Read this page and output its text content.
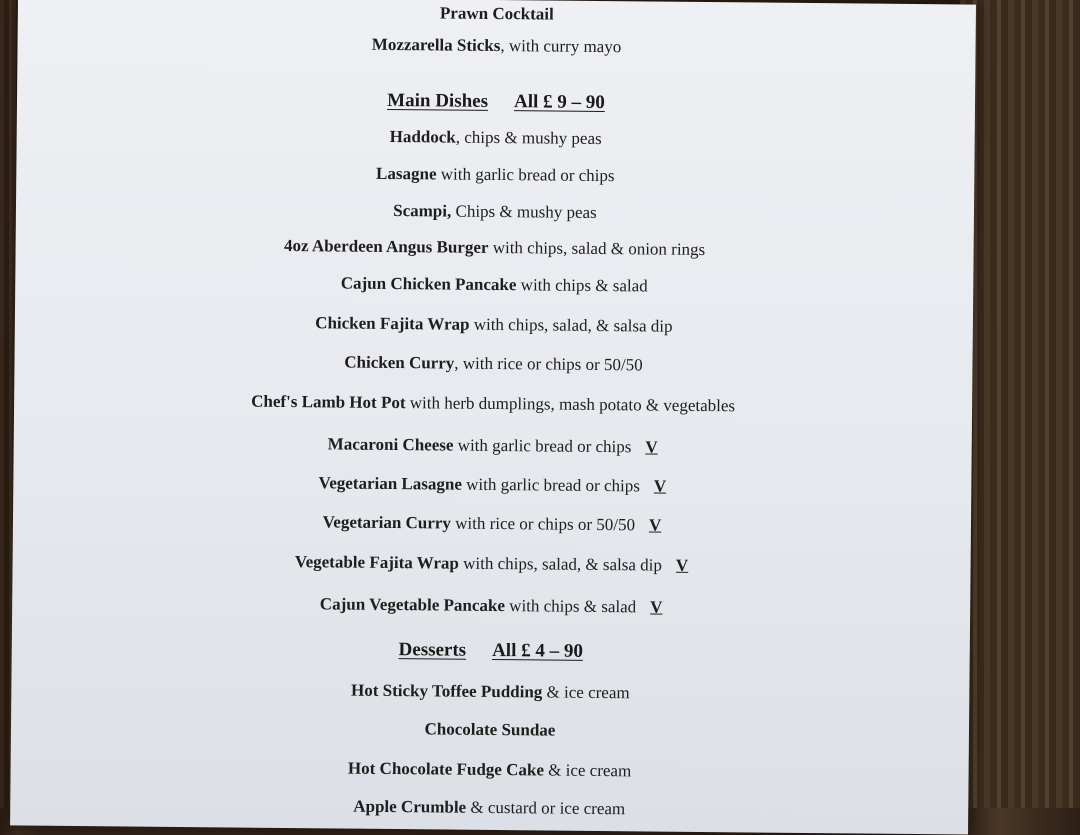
Prawn Cocktail
Mozzarella Sticks, with curry mayo
Main Dishes All £ 9 – 90
Haddock, chips & mushy peas
Lasagne with garlic bread or chips
Scampi, Chips & mushy peas
4oz Aberdeen Angus Burger with chips, salad & onion rings
Cajun Chicken Pancake with chips & salad
Chicken Fajita Wrap with chips, salad, & salsa dip
Chicken Curry, with rice or chips or 50/50
Chef's Lamb Hot Pot with herb dumplings, mash potato & vegetables
Macaroni Cheese with garlic bread or chips V
Vegetarian Lasagne with garlic bread or chips V
Vegetarian Curry with rice or chips or 50/50 V
Vegetable Fajita Wrap with chips, salad, & salsa dip V
Cajun Vegetable Pancake with chips & salad V
Desserts All £ 4 – 90
Hot Sticky Toffee Pudding & ice cream
Chocolate Sundae
Hot Chocolate Fudge Cake & ice cream
Apple Crumble & custard or ice cream
